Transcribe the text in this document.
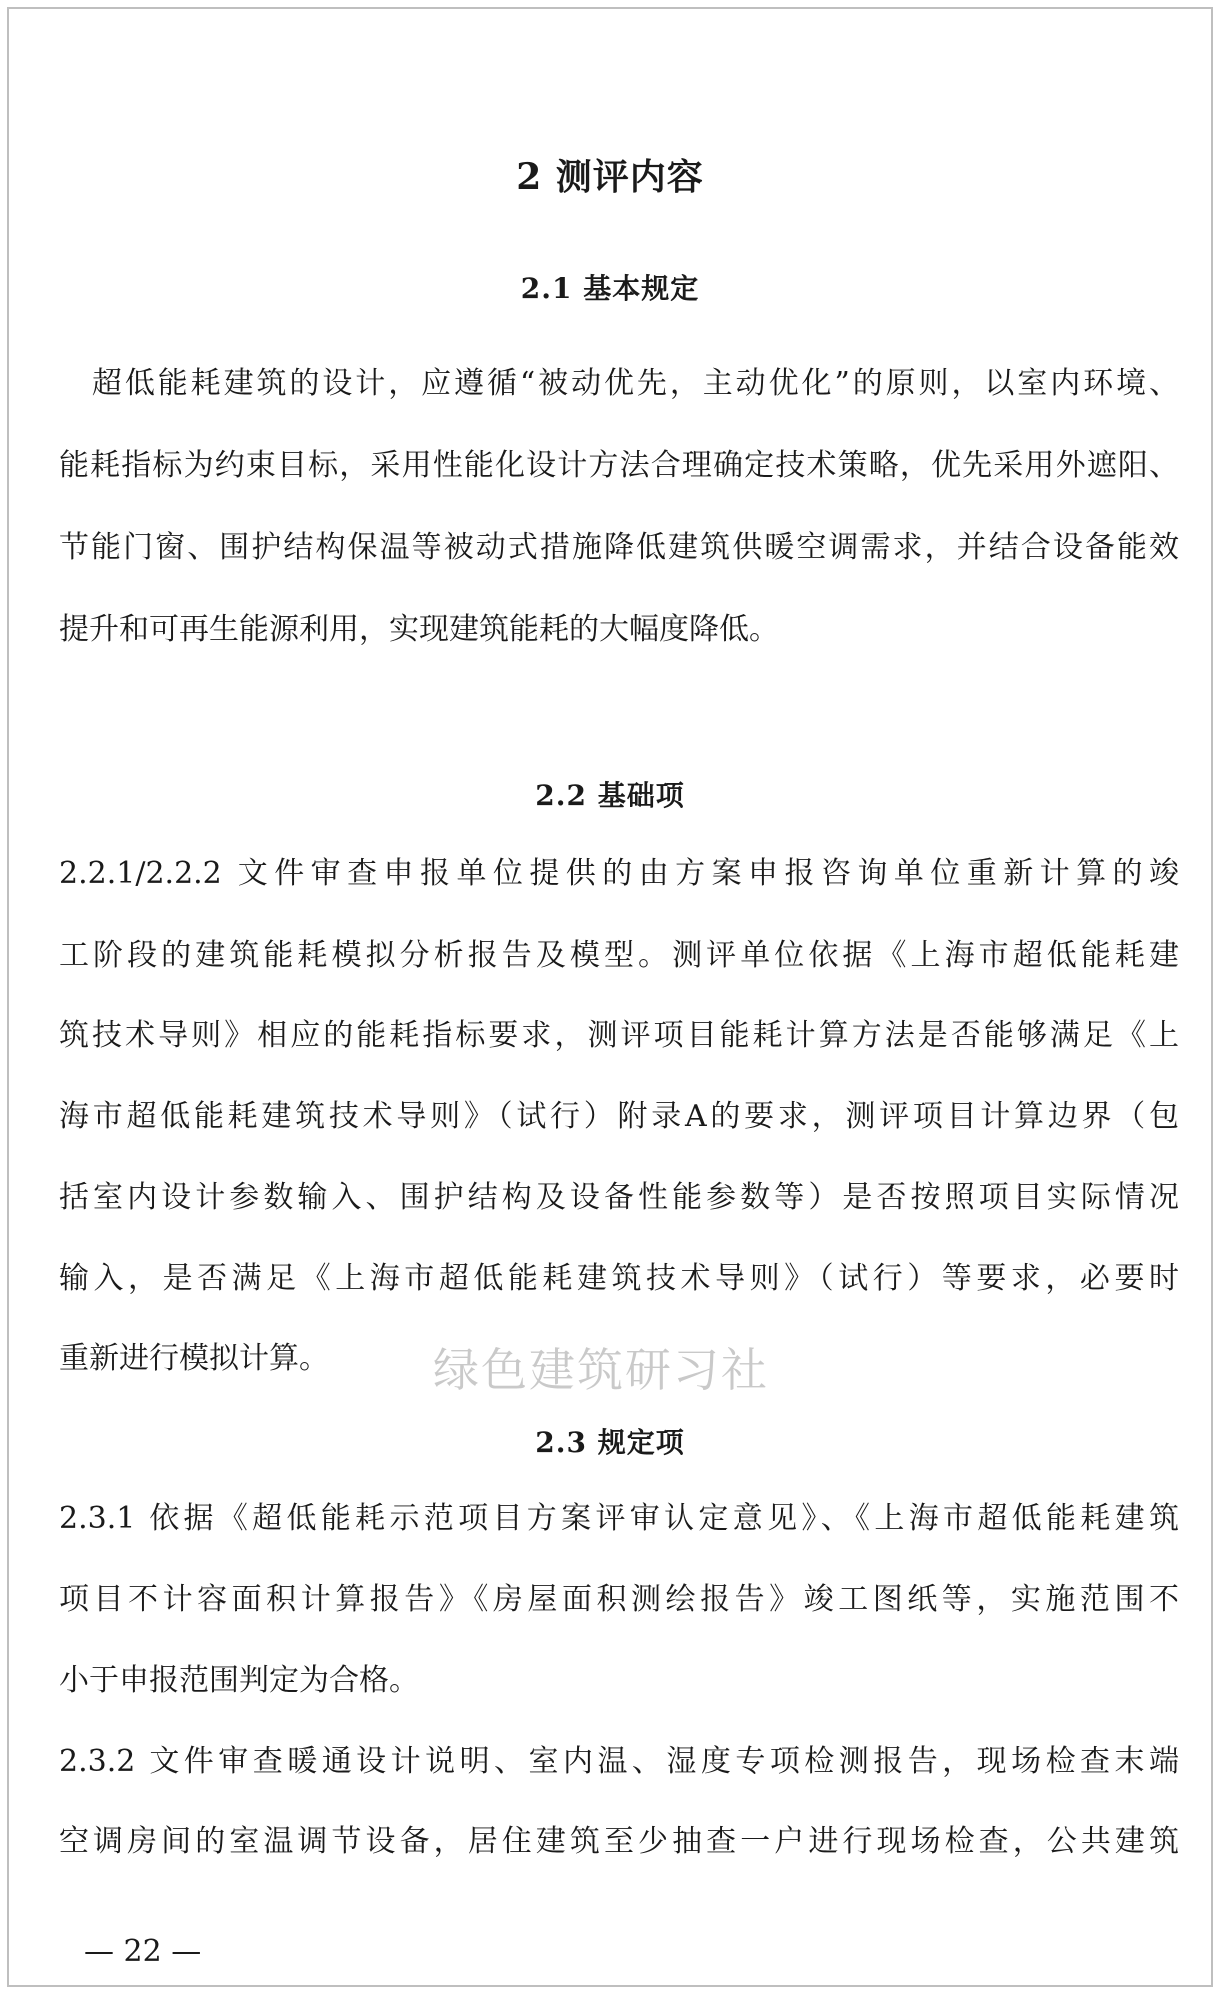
2 测评内容
2.1 基本规定
　超低能耗建筑的设计，应遵循“被动优先，主动优化”的原则，以室内环境、
能耗指标为约束目标，采用性能化设计方法合理确定技术策略，优先采用外遮阳、
节能门窗、围护结构保温等被动式措施降低建筑供暖空调需求，并结合设备能效
提升和可再生能源利用，实现建筑能耗的大幅度降低。
2.2 基础项
2.2.1/2.2.2 文件审查申报单位提供的由方案申报咨询单位重新计算的竣
工阶段的建筑能耗模拟分析报告及模型。测评单位依据《上海市超低能耗建
筑技术导则》相应的能耗指标要求，测评项目能耗计算方法是否能够满足《上
海市超低能耗建筑技术导则》（试行）附录A的要求，测评项目计算边界（包
括室内设计参数输入、围护结构及设备性能参数等）是否按照项目实际情况
输入，是否满足《上海市超低能耗建筑技术导则》（试行）等要求，必要时
重新进行模拟计算。	绿色建筑研习社
2.3 规定项
2.3.1 依据《超低能耗示范项目方案评审认定意见》、《上海市超低能耗建筑
项目不计容面积计算报告》《房屋面积测绘报告》竣工图纸等，实施范围不
小于申报范围判定为合格。
2.3.2 文件审查暖通设计说明、室内温、湿度专项检测报告，现场检查末端
空调房间的室温调节设备，居住建筑至少抽查一户进行现场检查，公共建筑
— 22 —
